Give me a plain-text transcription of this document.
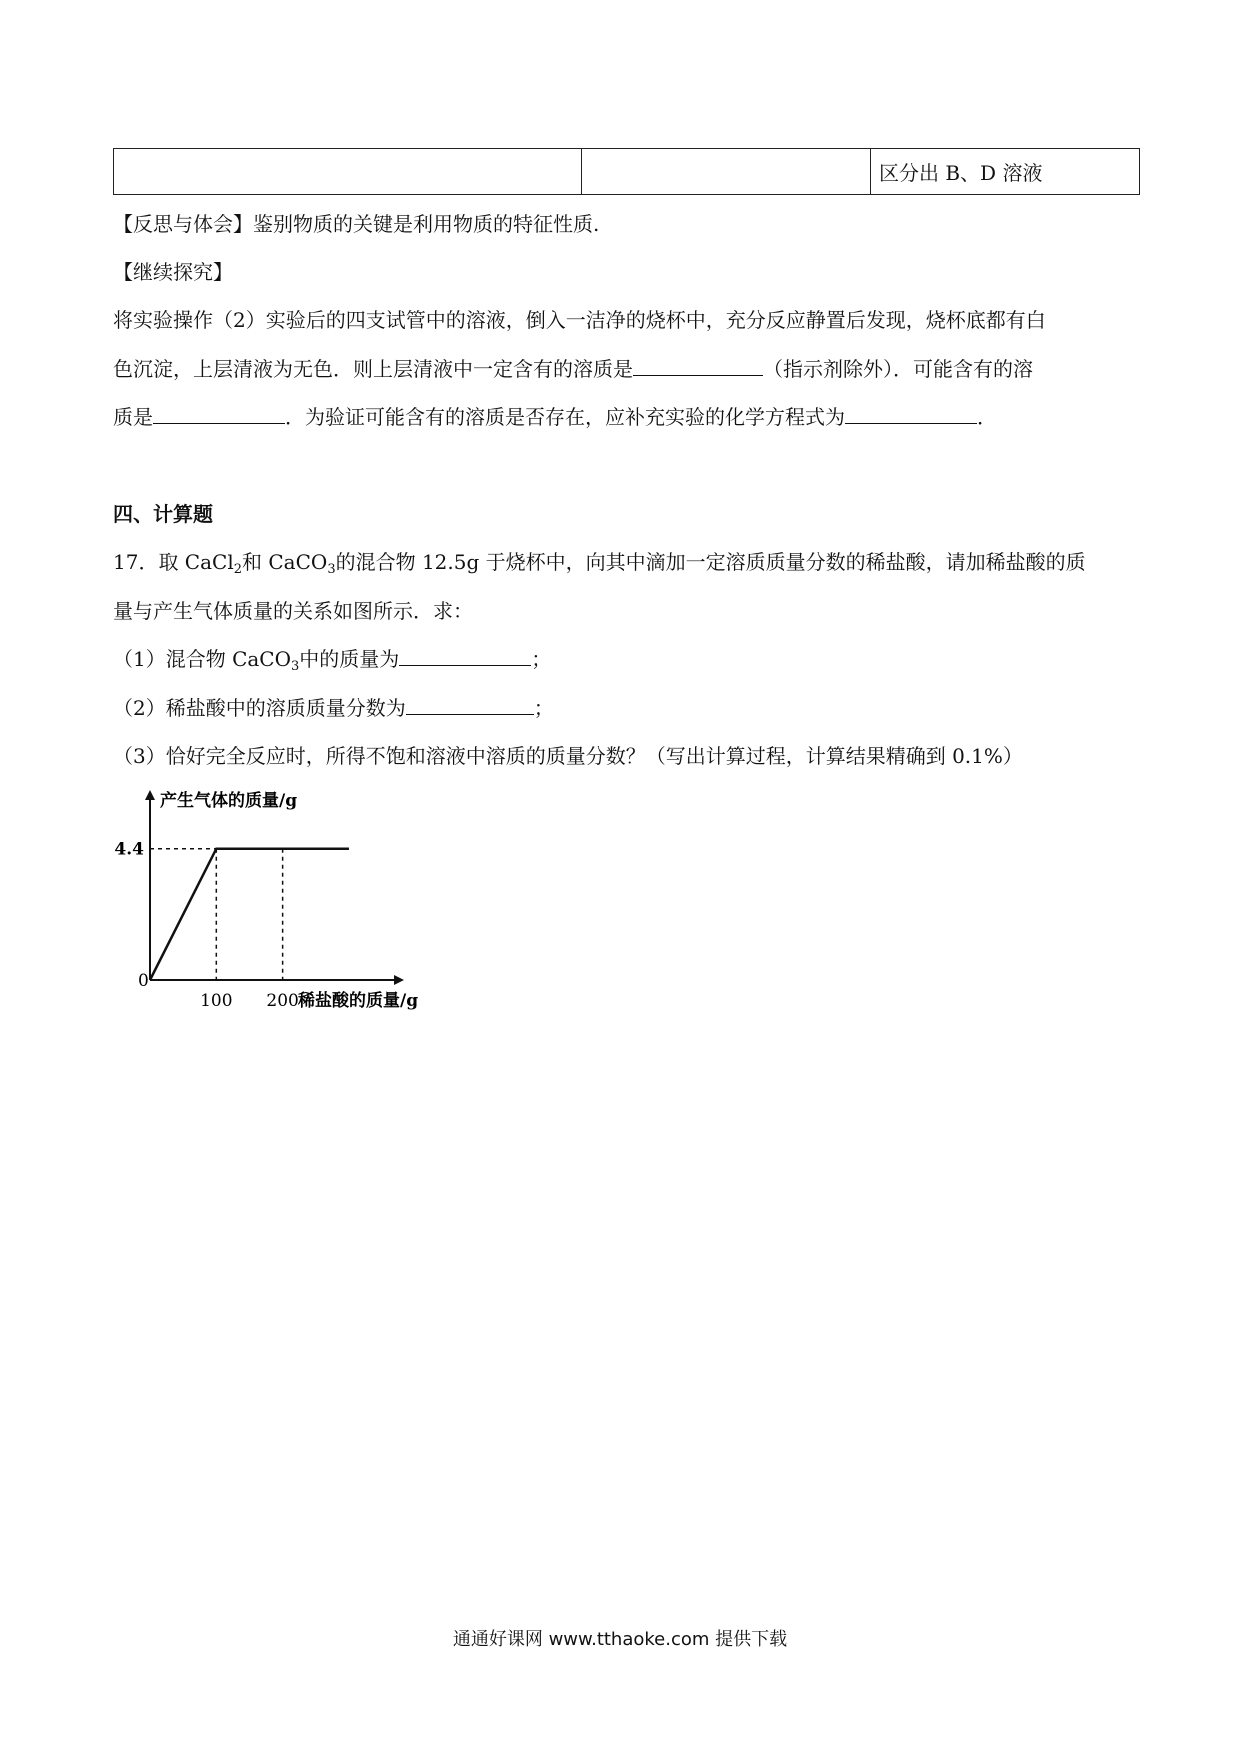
		区分出 B、D 溶液
【反思与体会】鉴别物质的关键是利用物质的特征性质.
【继续探究】
将实验操作（2）实验后的四支试管中的溶液，倒入一洁净的烧杯中，充分反应静置后发现，烧杯底都有白
色沉淀，上层清液为无色．则上层清液中一定含有的溶质是	（指示剂除外）．可能含有的溶
质是	．为验证可能含有的溶质是否存在，应补充实验的化学方程式为	．
四、计算题
17．取 CaCl$_2$和 CaCO$_3$的混合物 12.5g 于烧杯中，向其中滴加一定溶质质量分数的稀盐酸，请加稀盐酸的质
量与产生气体质量的关系如图所示．求：
（1）混合物 CaCO$_3$中的质量为	；
（2）稀盐酸中的溶质质量分数为	；
（3）恰好完全反应时，所得不饱和溶液中溶质的质量分数？（写出计算过程，计算结果精确到 0.1%）
产生气体的质量/g
稀盐酸的质量/g
0
100 200
4.4
通通好课网 www.tthaoke.com 提供下载
